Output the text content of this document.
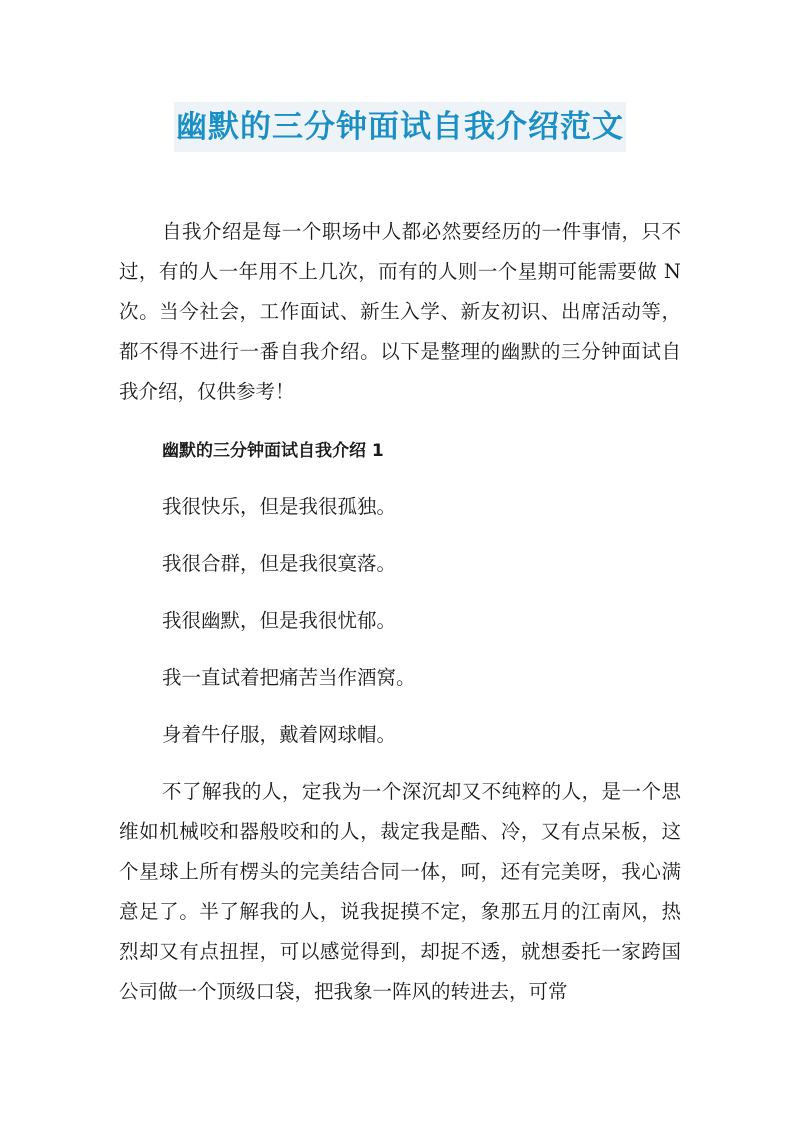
幽默的三分钟面试自我介绍范文

自我介绍是每一个职场中人都必然要经历的一件事情，只不过，有的人一年用不上几次，而有的人则一个星期可能需要做 N 次。当今社会，工作面试、新生入学、新友初识、出席活动等，都不得不进行一番自我介绍。以下是整理的幽默的三分钟面试自我介绍，仅供参考！

幽默的三分钟面试自我介绍 1

我很快乐，但是我很孤独。

我很合群，但是我很寞落。

我很幽默，但是我很忧郁。

我一直试着把痛苦当作酒窝。

身着牛仔服，戴着网球帽。

不了解我的人，定我为一个深沉却又不纯粹的人，是一个思维如机械咬和器般咬和的人，裁定我是酷、冷，又有点呆板，这个星球上所有楞头的完美结合同一体，呵，还有完美呀，我心满意足了。半了解我的人，说我捉摸不定，象那五月的江南风，热烈却又有点扭捏，可以感觉得到，却捉不透，就想委托一家跨国公司做一个顶级口袋，把我象一阵风的转进去，可常
